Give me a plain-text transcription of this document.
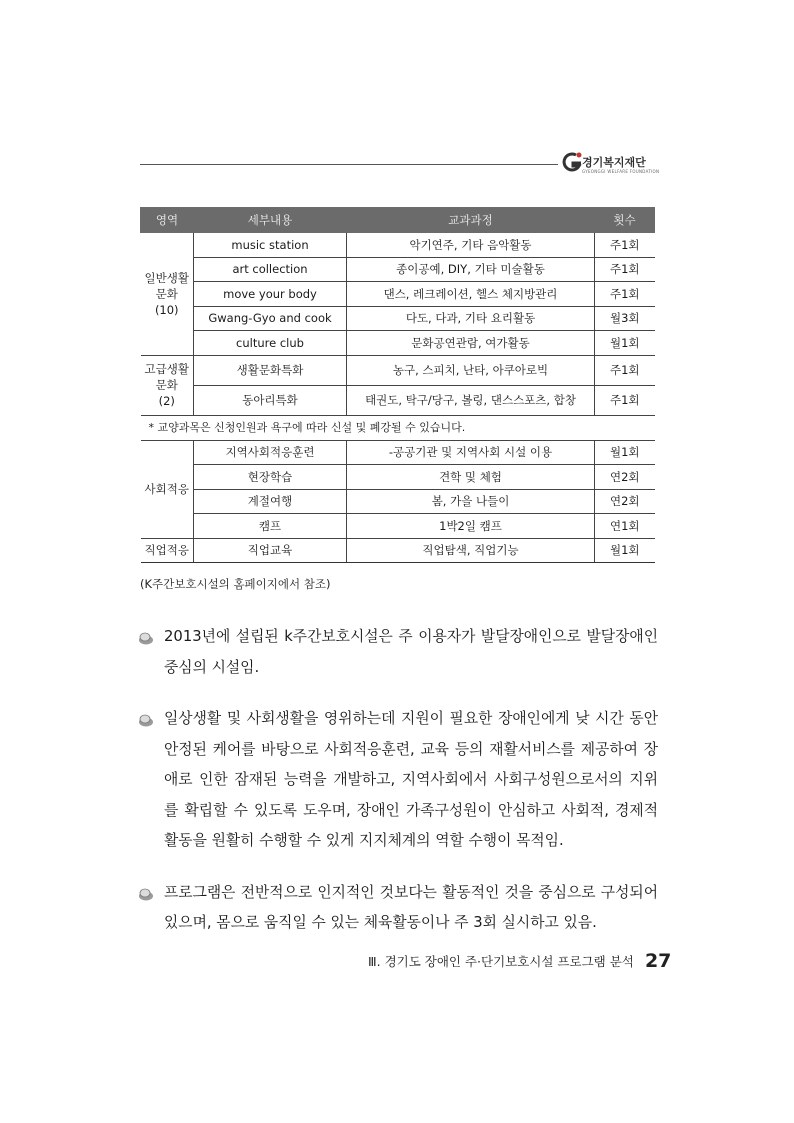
경기복지재단
GYEONGGI WELFARE FOUNDATION
영역	세부내용	교과과정	횟수
일반생활
문화
(10)	music station	악기연주, 기타 음악활동	주1회
	art collection	종이공예, DIY, 기타 미술활동	주1회
	move your body	댄스, 레크레이션, 헬스 체지방관리	주1회
	Gwang-Gyo and cook	다도, 다과, 기타 요리활동	월3회
	culture club	문화공연관람, 여가활동	월1회
고급생활
문화
(2)	생활문화특화	농구, 스피치, 난타, 아쿠아로빅	주1회
	동아리특화	태권도, 탁구/당구, 볼링, 댄스스포츠, 합창	주1회
* 교양과목은 신청인원과 욕구에 따라 신설 및 폐강될 수 있습니다.			
사회적응	지역사회적응훈련	-공공기관 및 지역사회 시설 이용	월1회
	현장학습	견학 및 체험	연2회
	계절여행	봄, 가을 나들이	연2회
	캠프	1박2일 캠프	연1회
직업적응	직업교육	직업탐색, 직업기능	월1회
(K주간보호시설의 홈페이지에서 참조)
2013년에 설립된 k주간보호시설은 주 이용자가 발달장애인으로 발달장애인 중심의 시설임.
일상생활 및 사회생활을 영위하는데 지원이 필요한 장애인에게 낮 시간 동안 안정된 케어를 바탕으로 사회적응훈련, 교육 등의 재활서비스를 제공하여 장애로 인한 잠재된 능력을 개발하고, 지역사회에서 사회구성원으로서의 지위를 확립할 수 있도록 도우며, 장애인 가족구성원이 안심하고 사회적, 경제적 활동을 원활히 수행할 수 있게 지지체계의 역할 수행이 목적임.
프로그램은 전반적으로 인지적인 것보다는 활동적인 것을 중심으로 구성되어 있으며, 몸으로 움직일 수 있는 체육활동이나 주 3회 실시하고 있음.
Ⅲ. 경기도 장애인 주·단기보호시설 프로그램 분석 27
